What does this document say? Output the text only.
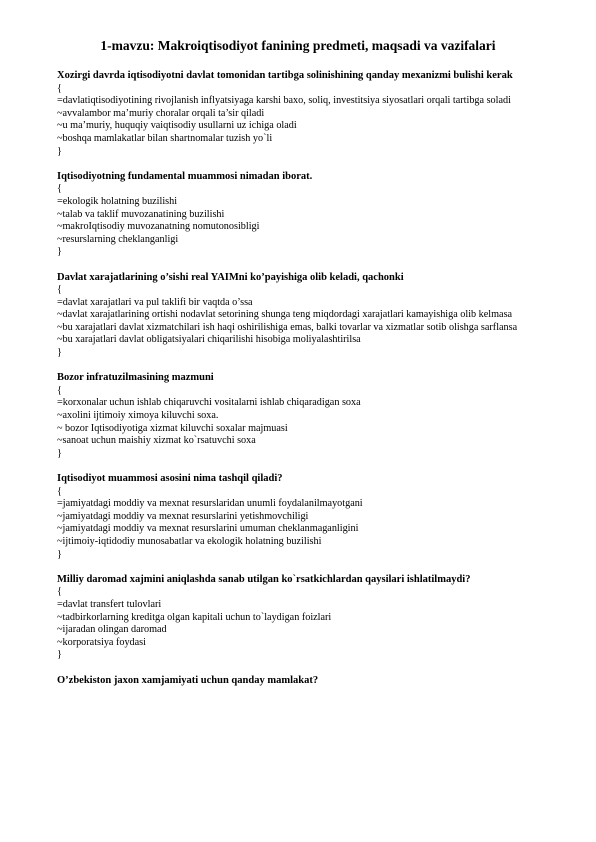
1-mavzu: Makroiqtisodiyot fanining predmeti, maqsadi va vazifalari

Xozirgi davrda iqtisodiyotni davlat tomonidan tartibga solinishining qanday mexanizmi bulishi kerak

{

=davlatiqtisodiyotining rivojlanish inflyatsiyaga karshi baxo, soliq, investitsiya siyosatlari orqali tartibga soladi

~avvalambor ma’muriy choralar orqali ta’sir qiladi

~u ma’muriy, huquqiy vaiqtisodiy usullarni uz ichiga oladi

~boshqa mamlakatlar bilan shartnomalar tuzish yo`li

}

Iqtisodiyotning fundamental muammosi nimadan iborat.

{

=ekologik holatning buzilishi

~talab va taklif muvozanatining buzilishi

~makroIqtisodiy muvozanatning nomutonosibligi

~resurslarning cheklanganligi

}

Davlat xarajatlarining o’sishi real YAIMni ko’payishiga olib keladi, qachonki

{

=davlat xarajatlari va pul taklifi bir vaqtda o’ssa

~davlat xarajatlarining ortishi nodavlat setorining shunga teng miqdordagi xarajatlari kamayishiga olib kelmasa

~bu xarajatlari davlat xizmatchilari ish haqi oshirilishiga emas, balki tovarlar va xizmatlar sotib olishga sarflansa

~bu xarajatlari davlat obligatsiyalari chiqarilishi hisobiga moliyalashtirilsa

}

Bozor infratuzilmasining mazmuni

{

=korxonalar uchun ishlab chiqaruvchi vositalarni ishlab chiqaradigan soxa

~axolini ijtimoiy ximoya kiluvchi soxa.

~ bozor Iqtisodiyotiga xizmat kiluvchi soxalar majmuasi

~sanoat uchun maishiy xizmat ko`rsatuvchi soxa

}

Iqtisodiyot muammosi asosini nima tashqil qiladi?

{

=jamiyatdagi moddiy va mexnat resurslaridan unumli foydalanilmayotgani

~jamiyatdagi moddiy va mexnat resurslarini yetishmovchiligi

~jamiyatdagi moddiy va mexnat resurslarini umuman cheklanmaganligini

~ijtimoiy-iqtidodiy munosabatlar va ekologik holatning buzilishi

}

Milliy daromad xajmini aniqlashda sanab utilgan ko`rsatkichlardan qaysilari ishlatilmaydi?

{

=davlat transfert tulovlari

~tadbirkorlarning kreditga olgan kapitali uchun to`laydigan foizlari

~ijaradan olingan daromad

~korporatsiya foydasi

}

O’zbekiston jaxon xamjamiyati uchun qanday mamlakat?
